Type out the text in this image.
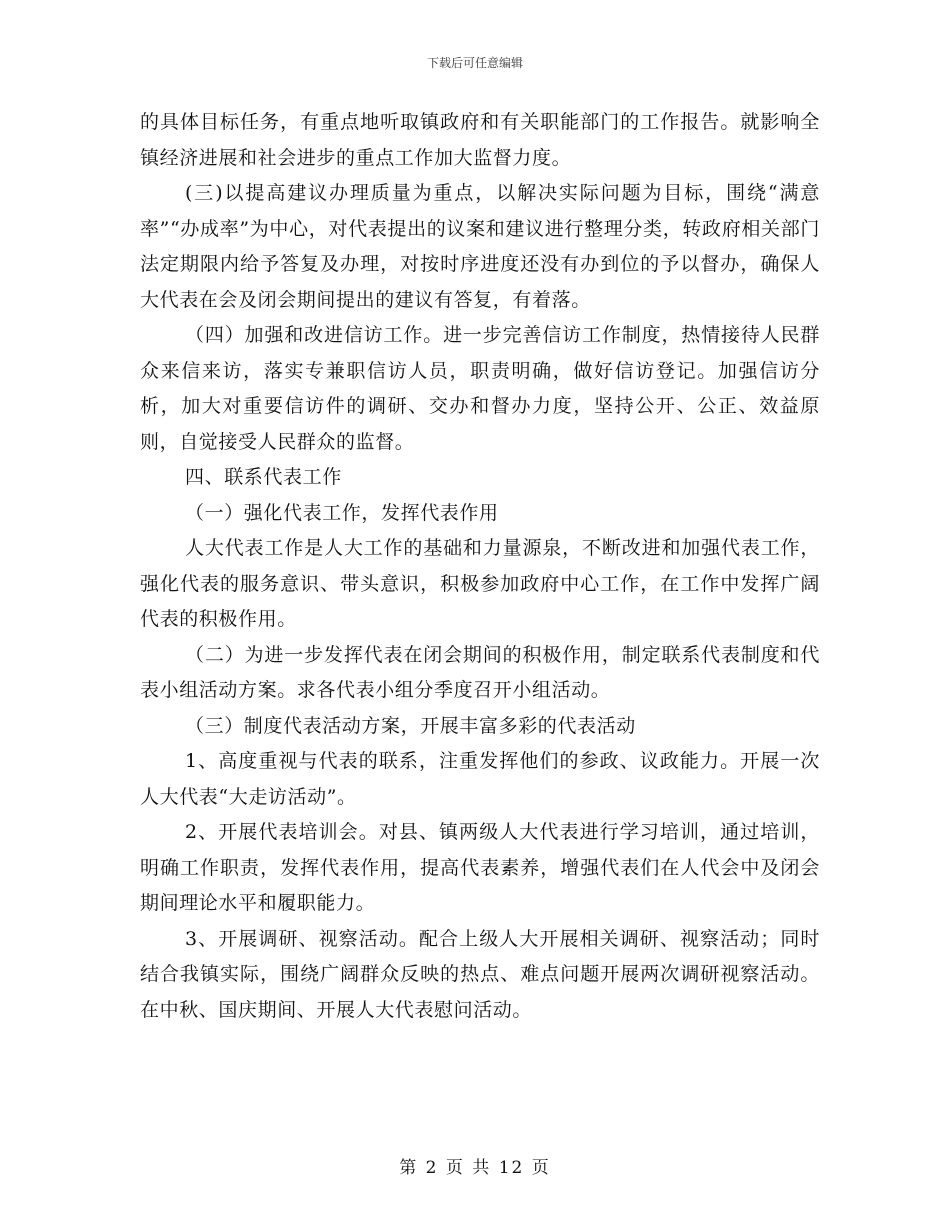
下载后可任意编辑

的具体目标任务，有重点地听取镇政府和有关职能部门的工作报告。就影响全镇经济进展和社会进步的重点工作加大监督力度。

(三)以提高建议办理质量为重点，以解决实际问题为目标，围绕“满意率”“办成率”为中心，对代表提出的议案和建议进行整理分类，转政府相关部门法定期限内给予答复及办理，对按时序进度还没有办到位的予以督办，确保人大代表在会及闭会期间提出的建议有答复，有着落。

（四）加强和改进信访工作。进一步完善信访工作制度，热情接待人民群众来信来访，落实专兼职信访人员，职责明确，做好信访登记。加强信访分析，加大对重要信访件的调研、交办和督办力度，坚持公开、公正、效益原则，自觉接受人民群众的监督。

四、联系代表工作

（一）强化代表工作，发挥代表作用

人大代表工作是人大工作的基础和力量源泉，不断改进和加强代表工作，强化代表的服务意识、带头意识，积极参加政府中心工作，在工作中发挥广阔代表的积极作用。

（二）为进一步发挥代表在闭会期间的积极作用，制定联系代表制度和代表小组活动方案。求各代表小组分季度召开小组活动。

（三）制度代表活动方案，开展丰富多彩的代表活动

1、高度重视与代表的联系，注重发挥他们的参政、议政能力。开展一次人大代表“大走访活动”。

2、开展代表培训会。对县、镇两级人大代表进行学习培训，通过培训，明确工作职责，发挥代表作用，提高代表素养，增强代表们在人代会中及闭会期间理论水平和履职能力。

3、开展调研、视察活动。配合上级人大开展相关调研、视察活动；同时结合我镇实际，围绕广阔群众反映的热点、难点问题开展两次调研视察活动。在中秋、国庆期间、开展人大代表慰问活动。

第 2 页 共 12 页
